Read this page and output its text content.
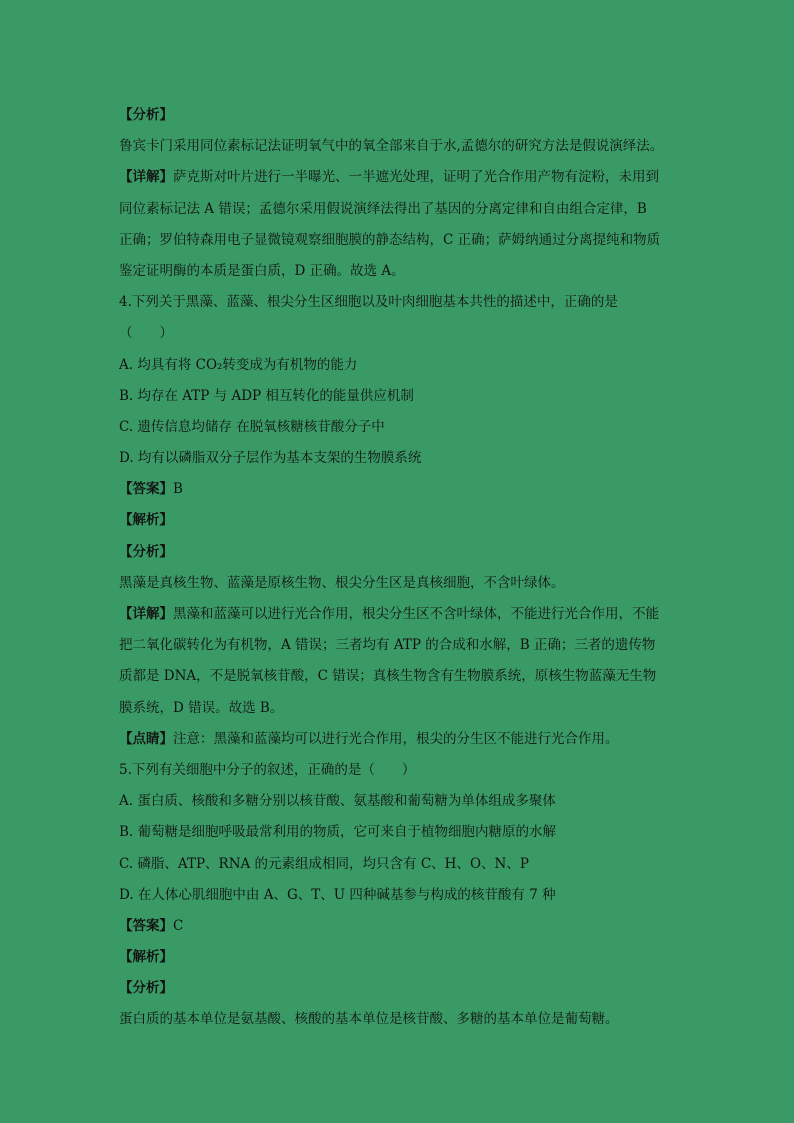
【分析】
鲁宾卡门采用同位素标记法证明氧气中的氧全部来自于水,孟德尔的研究方法是假说演绎法。
【详解】萨克斯对叶片进行一半曝光、一半遮光处理，证明了光合作用产物有淀粉，未用到
同位素标记法 A 错误；孟德尔采用假说演绎法得出了基因的分离定律和自由组合定律，B
正确；罗伯特森用电子显微镜观察细胞膜的静态结构，C 正确；萨姆纳通过分离提纯和物质
鉴定证明酶的本质是蛋白质，D 正确。故选 A。
4.下列关于黑藻、蓝藻、根尖分生区细胞以及叶肉细胞基本共性的描述中，正确的是
（　　）
A. 均具有将 CO₂转变成为有机物的能力
B. 均存在 ATP 与 ADP 相互转化的能量供应机制
C. 遗传信息均储存 在脱氧核糖核苷酸分子中
D. 均有以磷脂双分子层作为基本支架的生物膜系统
【答案】B
【解析】
【分析】
黑藻是真核生物、蓝藻是原核生物、根尖分生区是真核细胞，不含叶绿体。
【详解】黑藻和蓝藻可以进行光合作用，根尖分生区不含叶绿体，不能进行光合作用，不能
把二氧化碳转化为有机物，A 错误；三者均有 ATP 的合成和水解，B 正确；三者的遗传物
质都是 DNA，不是脱氧核苷酸，C 错误；真核生物含有生物膜系统，原核生物蓝藻无生物
膜系统，D 错误。故选 B。
【点睛】注意：黑藻和蓝藻均可以进行光合作用，根尖的分生区不能进行光合作用。
5.下列有关细胞中分子的叙述，正确的是（　　）
A. 蛋白质、核酸和多糖分别以核苷酸、氨基酸和葡萄糖为单体组成多聚体
B. 葡萄糖是细胞呼吸最常利用的物质，它可来自于植物细胞内糖原的水解
C. 磷脂、ATP、RNA 的元素组成相同，均只含有 C、H、O、N、P
D. 在人体心肌细胞中由 A、G、T、U 四种碱基参与构成的核苷酸有 7 种
【答案】C
【解析】
【分析】
蛋白质的基本单位是氨基酸、核酸的基本单位是核苷酸、多糖的基本单位是葡萄糖。
